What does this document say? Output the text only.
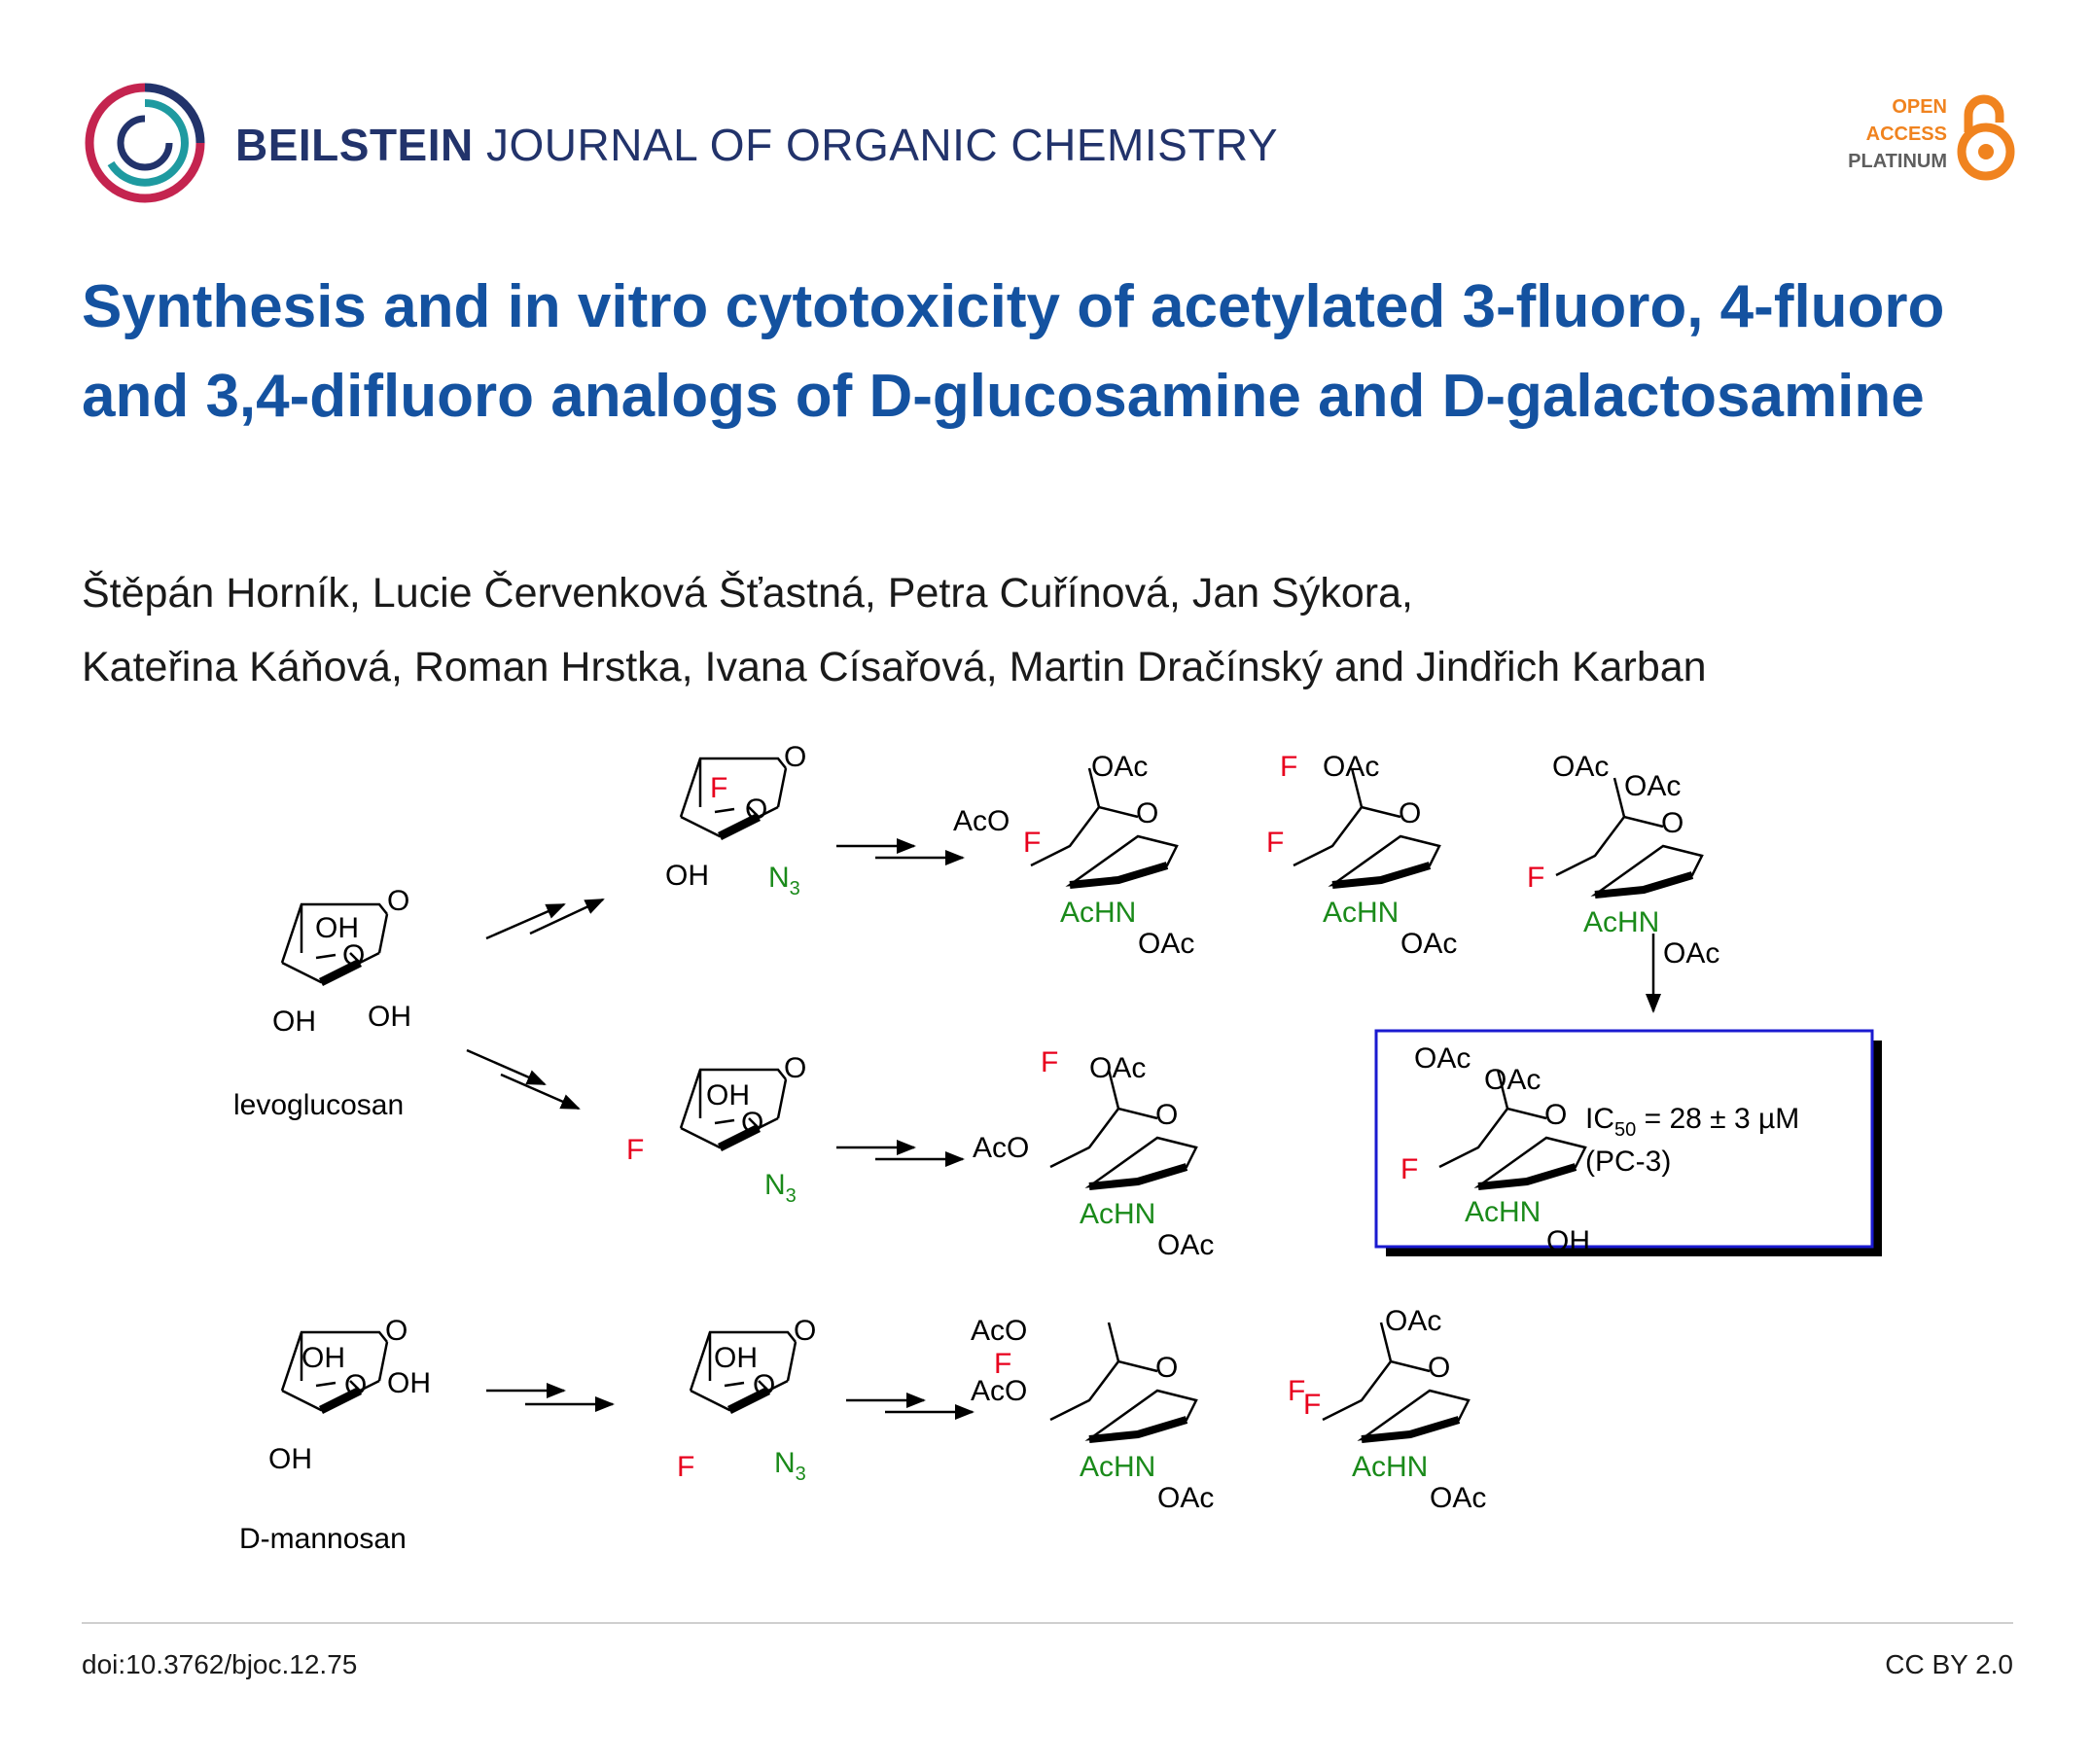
BEILSTEIN JOURNAL OF ORGANIC CHEMISTRY
OPEN
ACCESS
PLATINUM
Synthesis and in vitro cytotoxicity of acetylated 3-fluoro, 4-fluoro and 3,4-difluoro analogs of D-glucosamine and D-galactosamine
Štěpán Horník, Lucie Červenková Šťastná, Petra Cuřínová, Jan Sýkora,
Kateřina Káňová, Roman Hrstka, Ivana Císařová, Martin Dračínský and Jindřich Karban
O
OH
O
OH OH
levoglucosan
O
F
O
OH $N_3$
O
OH
O
F
$N_3$
OAc
O
AcO
F
AcHN
OAc
OAc
F
O
F
AcHN
OAc
OAc
OAc
O
F
AcHN
OAc
F OAc
O
AcO
AcHN
OAc
OAc
OAc
O
F
AcHN
OH
$IC_{50} = 28 \pm 3$ µM
(PC-3)
O
OH
O OH
OH
D-mannosan
O
OH
O
F	$N_3$
AcO
O
F
AcO
AcHN
OAc
OAc
O
F
F
AcHN
OAc
doi:10.3762/bjoc.12.75	CC BY 2.0
